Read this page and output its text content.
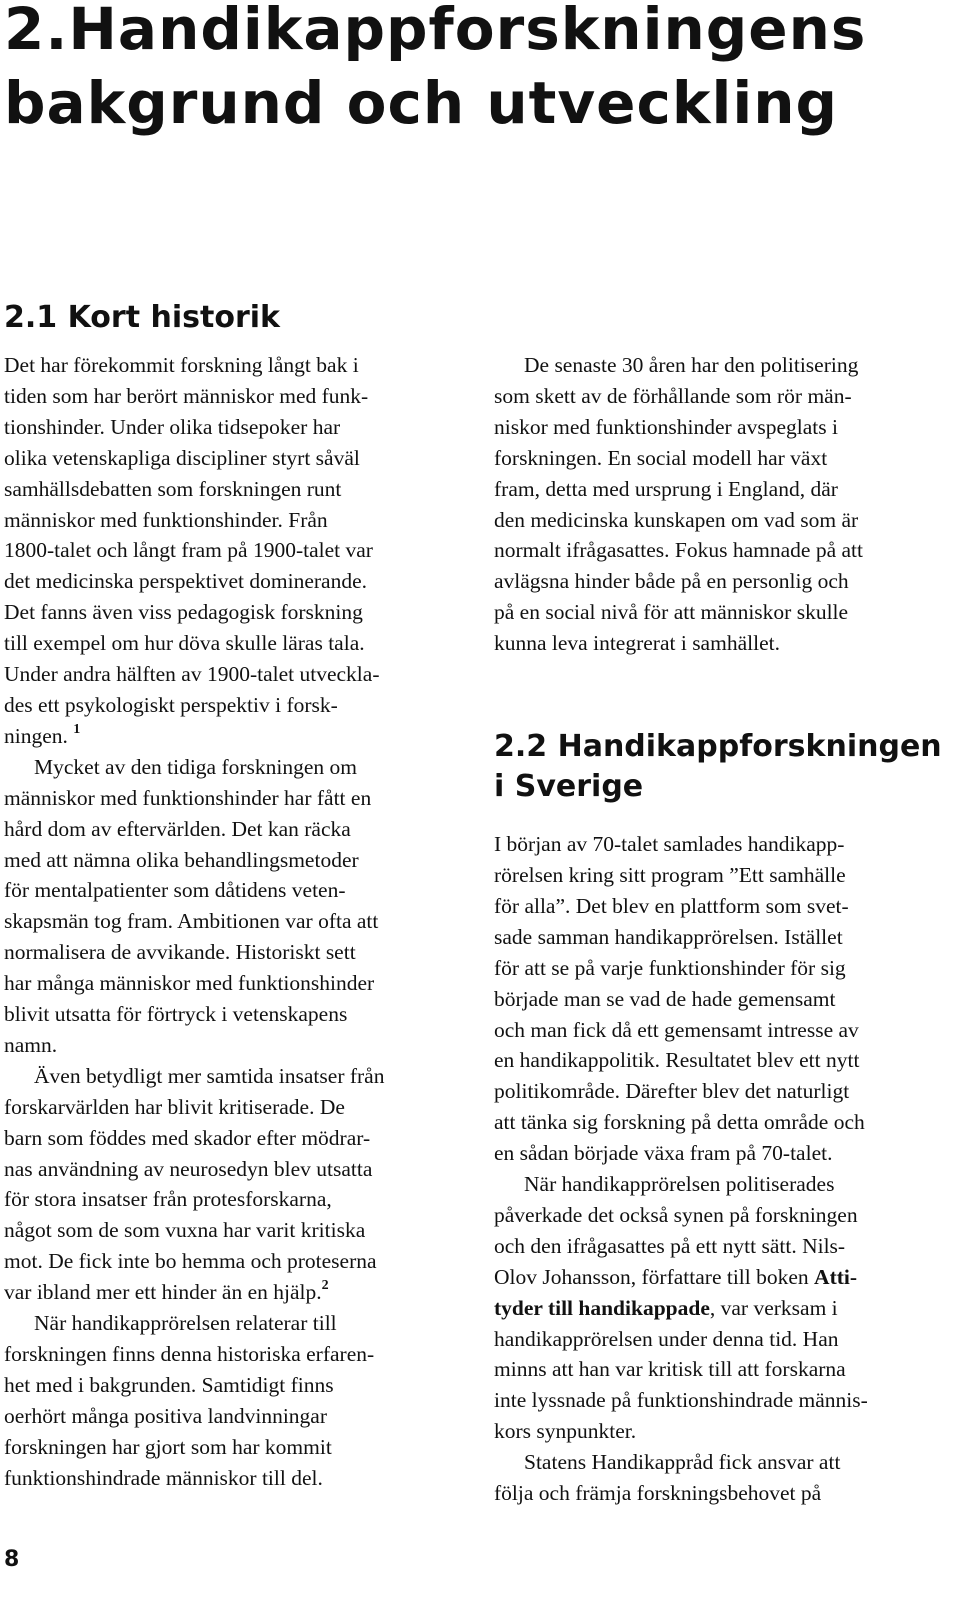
2.Handikappforskningens
bakgrund och utveckling
2.1 Kort historik

Det har förekommit forskning långt bak i
tiden som har berört människor med funk-
tionshinder. Under olika tidsepoker har
olika vetenskapliga discipliner styrt såväl
samhällsdebatten som forskningen runt
människor med funktionshinder. Från
1800-talet och långt fram på 1900-talet var
det medicinska perspektivet dominerande.
Det fanns även viss pedagogisk forskning
till exempel om hur döva skulle läras tala.
Under andra hälften av 1900-talet utveckla-
des ett psykologiskt perspektiv i forsk-
ningen. $^1$

Mycket av den tidiga forskningen om
människor med funktionshinder har fått en
hård dom av eftervärlden. Det kan räcka
med att nämna olika behandlingsmetoder
för mentalpatienter som dåtidens veten-
skapsmän tog fram. Ambitionen var ofta att
normalisera de avvikande. Historiskt sett
har många människor med funktionshinder
blivit utsatta för förtryck i vetenskapens
namn.

Även betydligt mer samtida insatser från
forskarvärlden har blivit kritiserade. De
barn som föddes med skador efter mödrar-
nas användning av neurosedyn blev utsatta
för stora insatser från protesforskarna,
något som de som vuxna har varit kritiska
mot. De fick inte bo hemma och proteserna
var ibland mer ett hinder än en hjälp.$^2$

När handikapprörelsen relaterar till
forskningen finns denna historiska erfaren-
het med i bakgrunden. Samtidigt finns
oerhört många positiva landvinningar
forskningen har gjort som har kommit
funktionshindrade människor till del.

De senaste 30 åren har den politisering
som skett av de förhållande som rör män-
niskor med funktionshinder avspeglats i
forskningen. En social modell har växt
fram, detta med ursprung i England, där
den medicinska kunskapen om vad som är
normalt ifrågasattes. Fokus hamnade på att
avlägsna hinder både på en personlig och
på en social nivå för att människor skulle
kunna leva integrerat i samhället.

2.2 Handikappforskningen
i Sverige

I början av 70-talet samlades handikapp-
rörelsen kring sitt program ”Ett samhälle
för alla”. Det blev en plattform som svet-
sade samman handikapprörelsen. Istället
för att se på varje funktionshinder för sig
började man se vad de hade gemensamt
och man fick då ett gemensamt intresse av
en handikappolitik. Resultatet blev ett nytt
politikområde. Därefter blev det naturligt
att tänka sig forskning på detta område och
en sådan började växa fram på 70-talet.

När handikapprörelsen politiserades
påverkade det också synen på forskningen
och den ifrågasattes på ett nytt sätt. Nils-
Olov Johansson, författare till boken Atti-
tyder till handikappade, var verksam i
handikapprörelsen under denna tid. Han
minns att han var kritisk till att forskarna
inte lyssnade på funktionshindrade männis-
kors synpunkter.

Statens Handikappråd fick ansvar att
följa och främja forskningsbehovet på

8
